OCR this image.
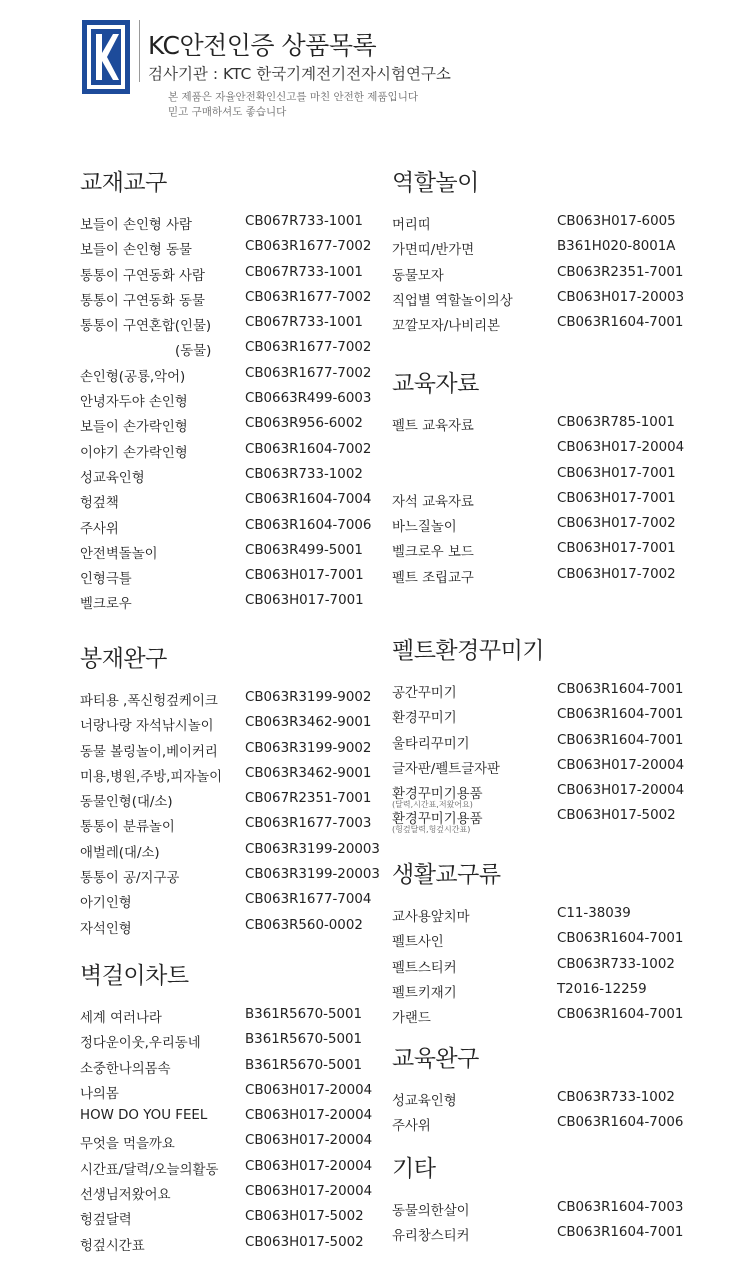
KC안전인증 상품목록
검사기관 : KTC 한국기계전기전자시험연구소
본 제품은 자율안전확인신고를 마친 안전한 제품입니다
믿고 구매하셔도 좋습니다
교재교구
보들이 손인형 사람	CB067R733-1001
보들이 손인형 동물	CB063R1677-7002
통통이 구연동화 사람	CB067R733-1001
통통이 구연동화 동물	CB063R1677-7002
통통이 구연혼합(인물)	CB067R733-1001
(동물)	CB063R1677-7002
손인형(공룡,악어)	CB063R1677-7002
안녕자두야 손인형	CB0663R499-6003
보들이 손가락인형	CB063R956-6002
이야기 손가락인형	CB063R1604-7002
성교육인형	CB063R733-1002
헝겊책	CB063R1604-7004
주사위	CB063R1604-7006
안전벽돌놀이	CB063R499-5001
인형극틀	CB063H017-7001
벨크로우	CB063H017-7001
봉재완구
파티용 ,폭신헝겊케이크 CB063R3199-9002
너랑나랑 자석낚시놀이 CB063R3462-9001
동물 볼링놀이,베이커리 CB063R3199-9002
미용,병원,주방,피자놀이 CB063R3462-9001
동물인형(대/소)	CB067R2351-7001
통통이 분류놀이	CB063R1677-7003
애벌레(대/소)	CB063R3199-20003
통통이 공/지구공	CB063R3199-20003
아기인형	CB063R1677-7004
자석인형	CB063R560-0002
벽걸이차트
세계 여러나라	B361R5670-5001
정다운이웃,우리동네	B361R5670-5001
소중한나의몸속	B361R5670-5001
나의몸	CB063H017-20004
HOW DO YOU FEEL	CB063H017-20004
무엇을 먹을까요	CB063H017-20004
시간표/달력/오늘의활동 CB063H017-20004
선생님저왔어요	CB063H017-20004
헝겊달력	CB063H017-5002
헝겊시간표	CB063H017-5002
역할놀이
머리띠	CB063H017-6005
가면띠/반가면	B361H020-8001A
동물모자	CB063R2351-7001
직업별 역할놀이의상	CB063H017-20003
꼬깔모자/나비리본	CB063R1604-7001
교육자료
펠트 교육자료	CB063R785-1001
CB063H017-20004
CB063H017-7001
자석 교육자료	CB063H017-7001
바느질놀이	CB063H017-7002
벨크로우 보드	CB063H017-7001
펠트 조립교구	CB063H017-7002
펠트환경꾸미기
공간꾸미기	CB063R1604-7001
환경꾸미기	CB063R1604-7001
울타리꾸미기	CB063R1604-7001
글자판/펠트글자판	CB063H017-20004
환경꾸미기용품	CB063H017-20004
(달력,시간표,저왔어요)
환경꾸미기용품	CB063H017-5002
(헝겊달력,헝겊시간표)
생활교구류
교사용앞치마	C11-38039
펠트사인	CB063R1604-7001
펠트스티커	CB063R733-1002
펠트키재기	T2016-12259
가랜드	CB063R1604-7001
교육완구
성교육인형	CB063R733-1002
주사위	CB063R1604-7006
기타
동물의한살이	CB063R1604-7003
유리창스티커	CB063R1604-7001
